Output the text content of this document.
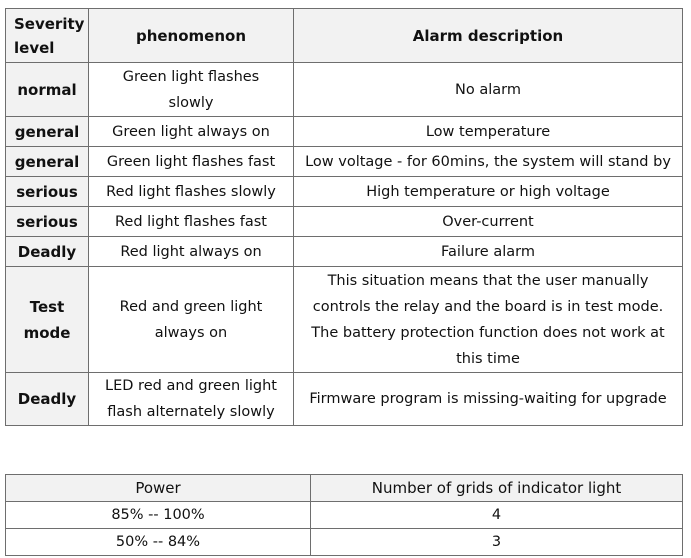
Severity level	phenomenon	Alarm description
normal	Green light flashes slowly	No alarm
general	Green light always on	Low temperature
general	Green light flashes fast	Low voltage - for 60mins, the system will stand by
serious	Red light flashes slowly	High temperature or high voltage
serious	Red light flashes fast	Over-current
Deadly	Red light always on	Failure alarm
Test mode	Red and green light always on	This situation means that the user manually controls the relay and the board is in test mode.
The battery protection function does not work at this time

Deadly	LED red and green light flash alternately slowly	Firmware program is missing-waiting for upgrade
Power	Number of grids of indicator light
85% -- 100%	4
50% -- 84%	3
